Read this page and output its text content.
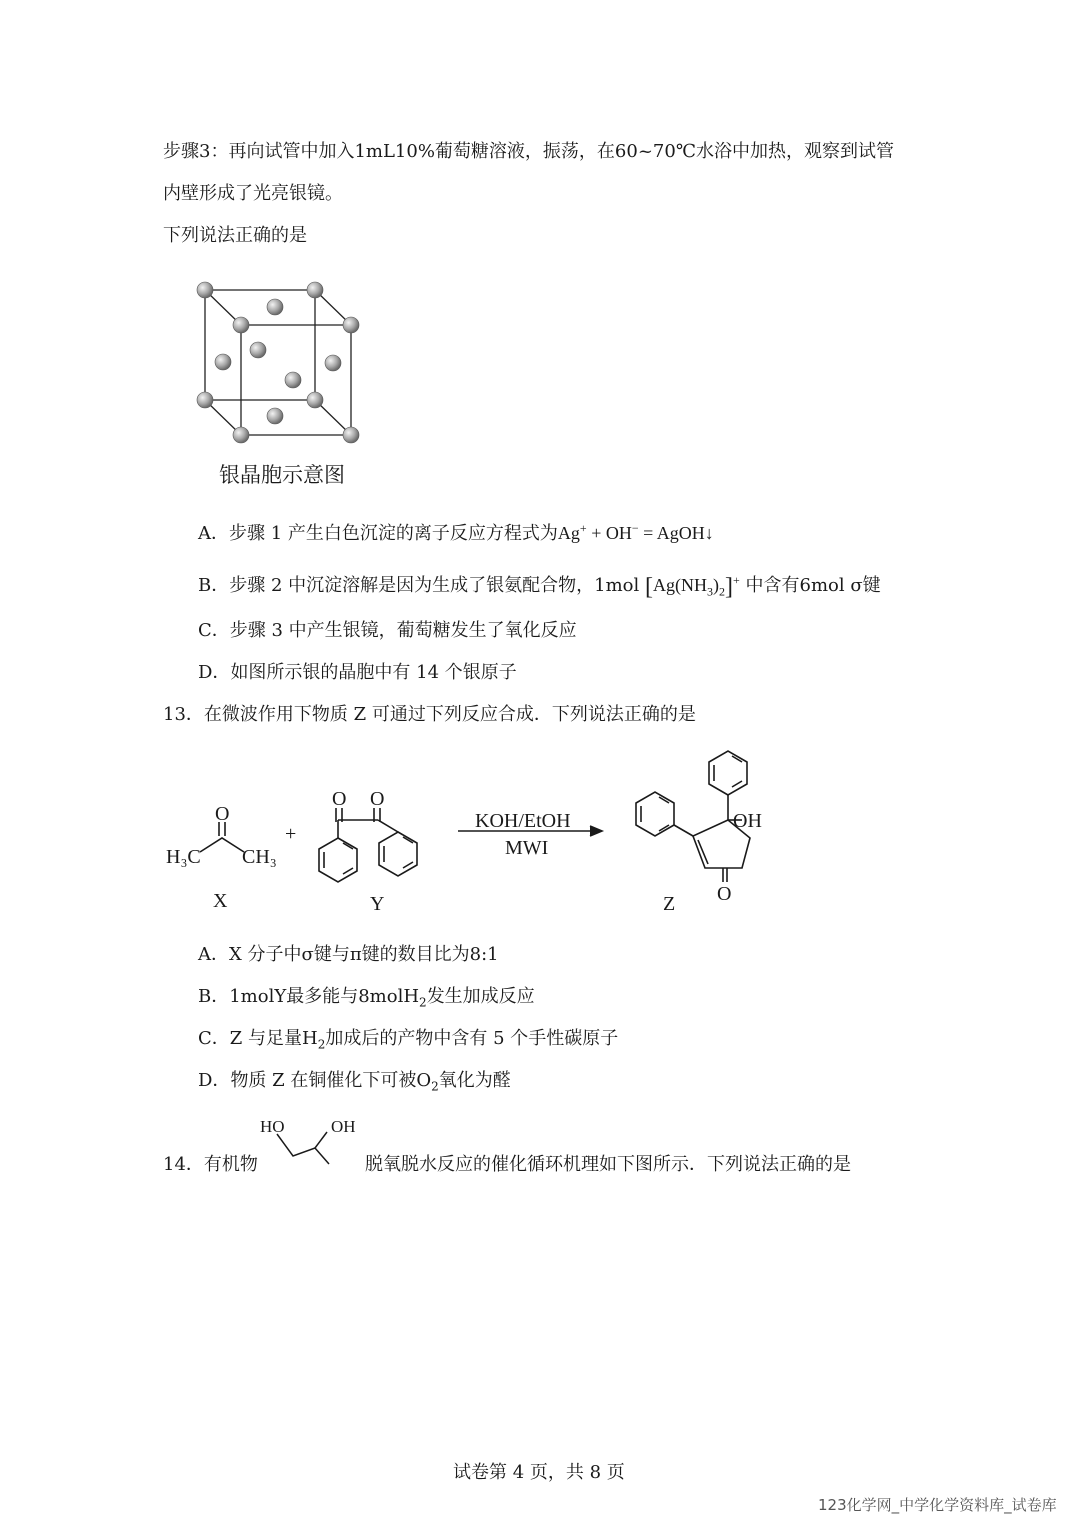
步骤3：再向试管中加入1mL10%葡萄糖溶液，振荡，在60~70℃水浴中加热，观察到试管
内壁形成了光亮银镜。
下列说法正确的是
银晶胞示意图
A．步骤 1 产生白色沉淀的离子反应方程式为Ag+ + OH− = AgOH↓
B．步骤 2 中沉淀溶解是因为生成了银氨配合物，1mol $[Ag(NH_3)_2]^+$ 中含有6mol σ键
C．步骤 3 中产生银镜，葡萄糖发生了氧化反应
D．如图所示银的晶胞中有 14 个银原子
13．在微波作用下物质 Z 可通过下列反应合成．下列说法正确的是
O
H₃C CH₃
+
O O
KOH/EtOH
MWI
OH
O
X	Y	Z
A．X 分子中σ键与π键的数目比为8:1
B．1molY最多能与8molH$_2$发生加成反应
C．Z 与足量$H_2$加成后的产物中含有 5 个手性碳原子
D．物质 Z 在铜催化下可被$O_2$氧化为醛
14．有机物
HO	OH
脱氧脱水反应的催化循环机理如下图所示．下列说法正确的是
试卷第 4 页，共 8 页
123化学网_中学化学资料库_试卷库
